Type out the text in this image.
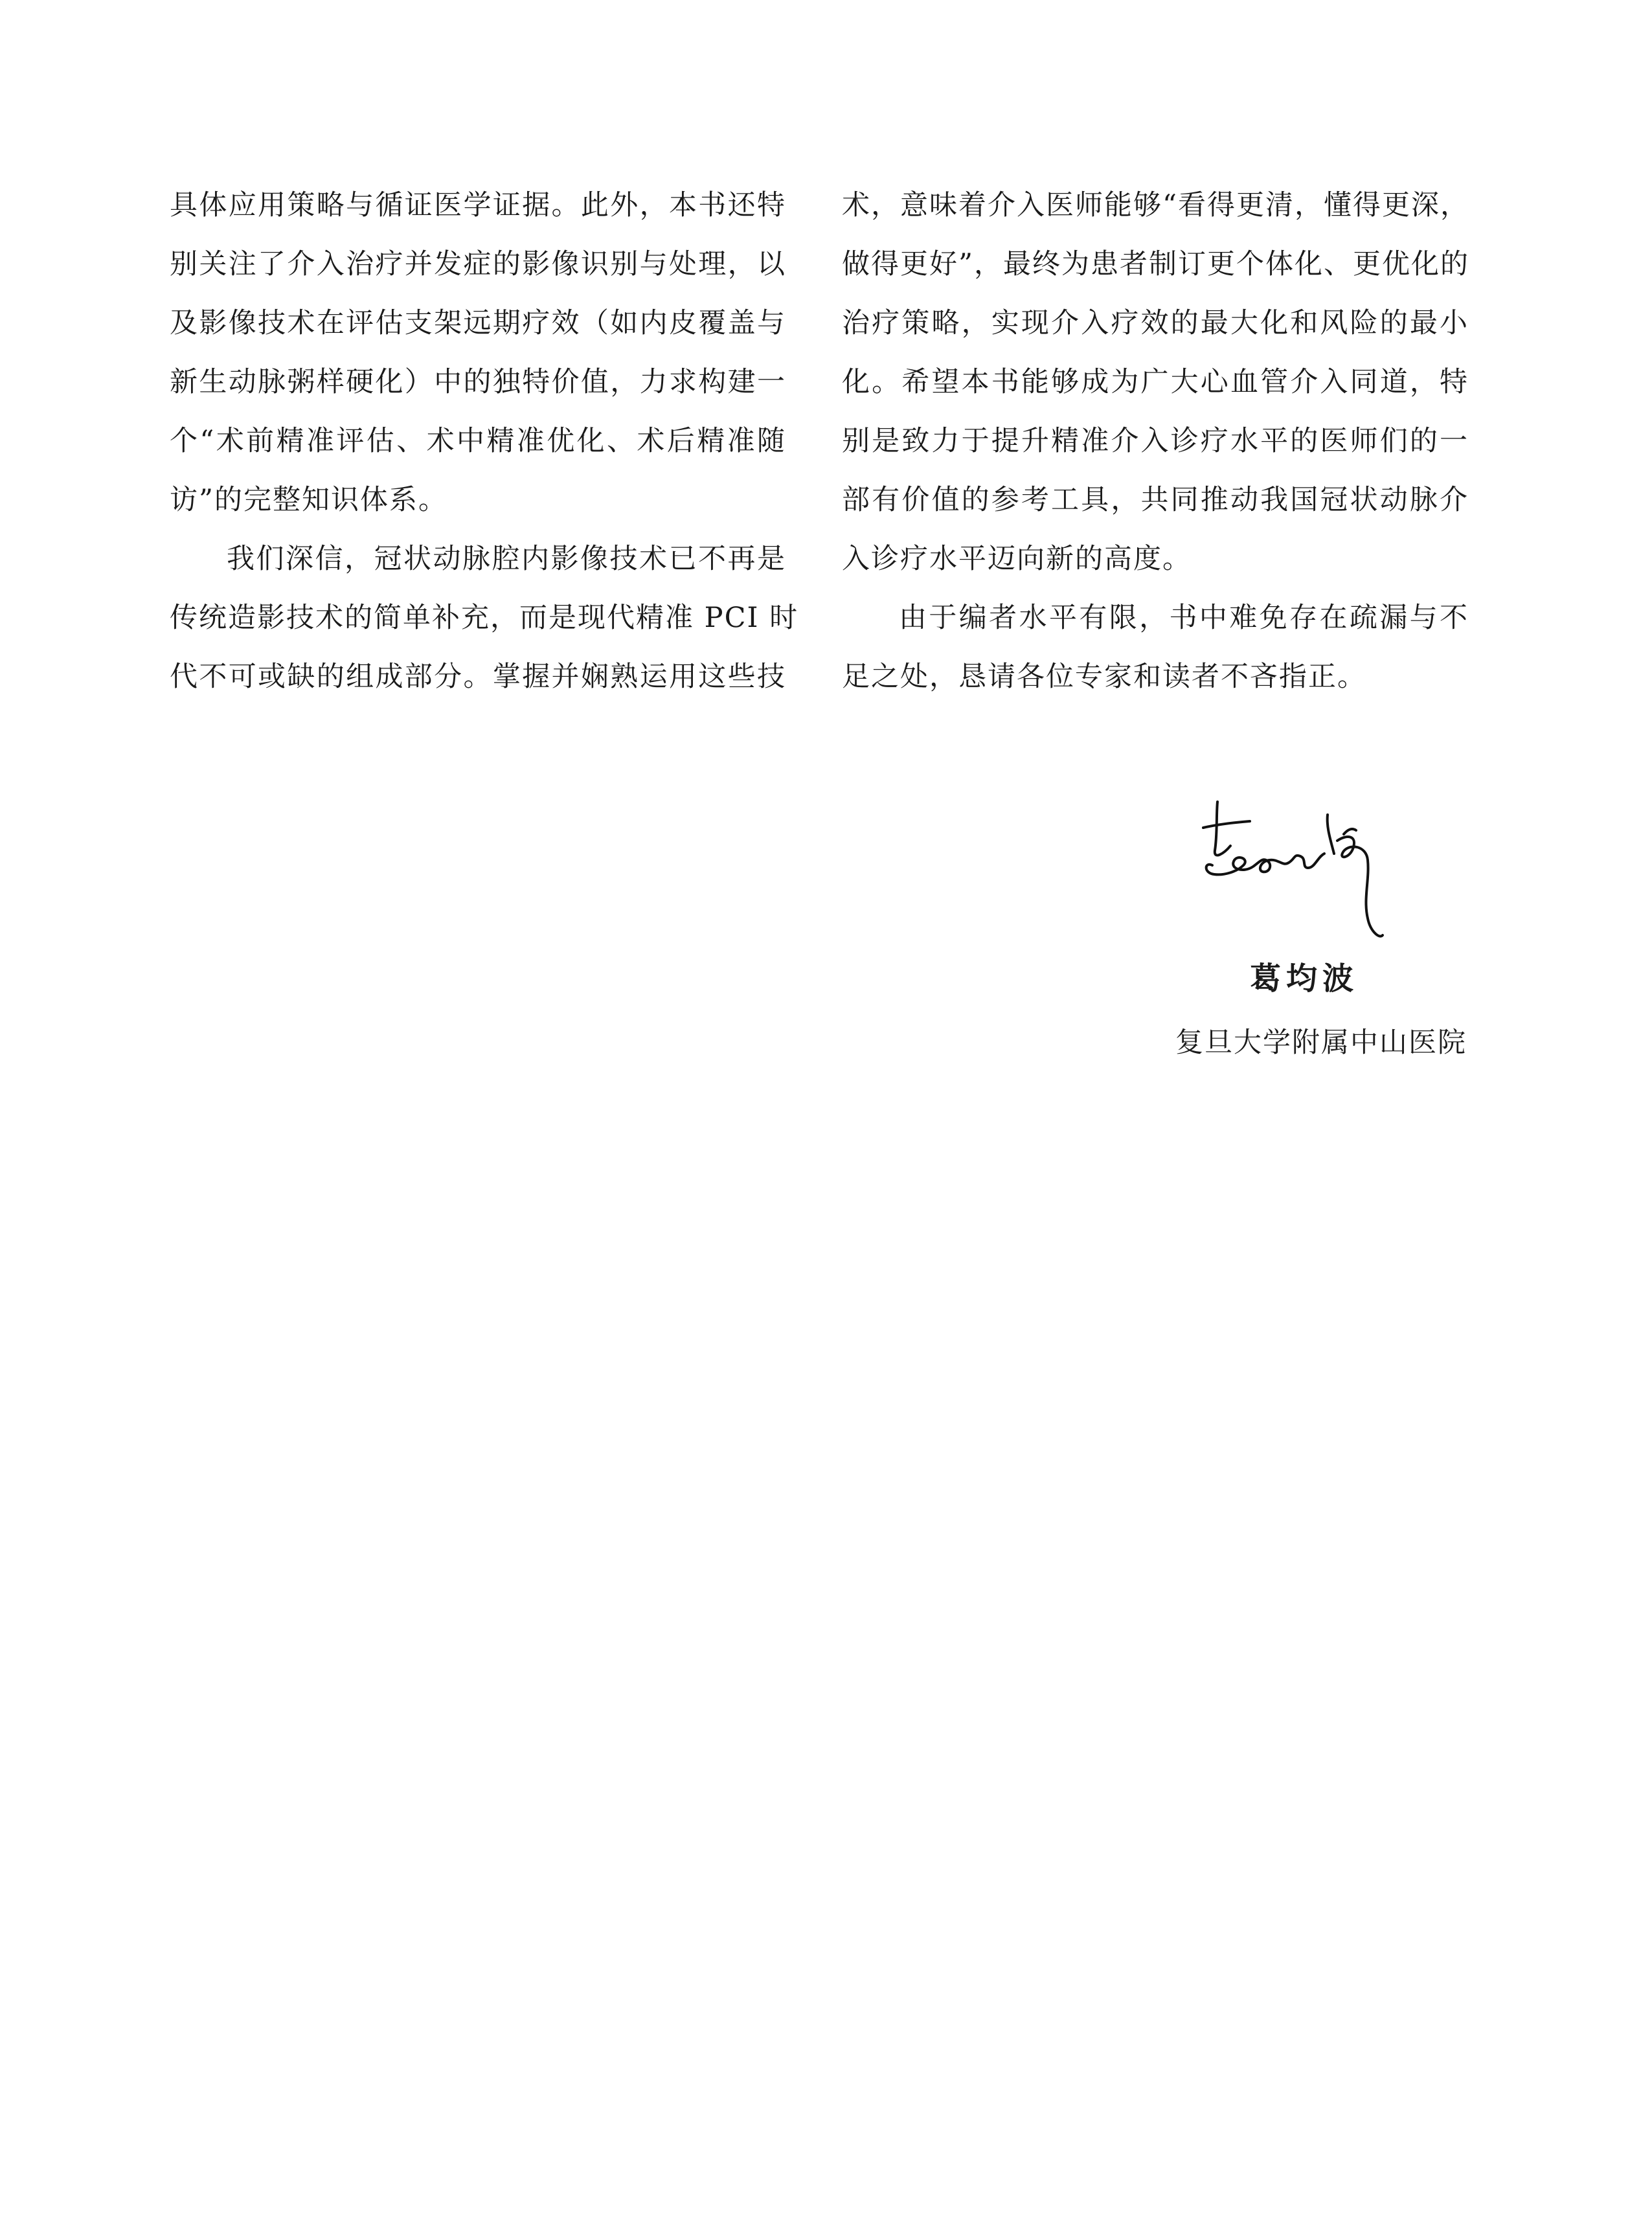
具体应用策略与循证医学证据。此外，本书还特
别关注了介入治疗并发症的影像识别与处理，以
及影像技术在评估支架远期疗效（如内皮覆盖与
新生动脉粥样硬化）中的独特价值，力求构建一
个“术前精准评估、术中精准优化、术后精准随
访”的完整知识体系。
我们深信，冠状动脉腔内影像技术已不再是
传统造影技术的简单补充，而是现代精准 PCI 时
代不可或缺的组成部分。掌握并娴熟运用这些技
术，意味着介入医师能够“看得更清，懂得更深，
做得更好”，最终为患者制订更个体化、更优化的
治疗策略，实现介入疗效的最大化和风险的最小
化。希望本书能够成为广大心血管介入同道，特
别是致力于提升精准介入诊疗水平的医师们的一
部有价值的参考工具，共同推动我国冠状动脉介
入诊疗水平迈向新的高度。
由于编者水平有限，书中难免存在疏漏与不
足之处，恳请各位专家和读者不吝指正。
葛均波
复旦大学附属中山医院
